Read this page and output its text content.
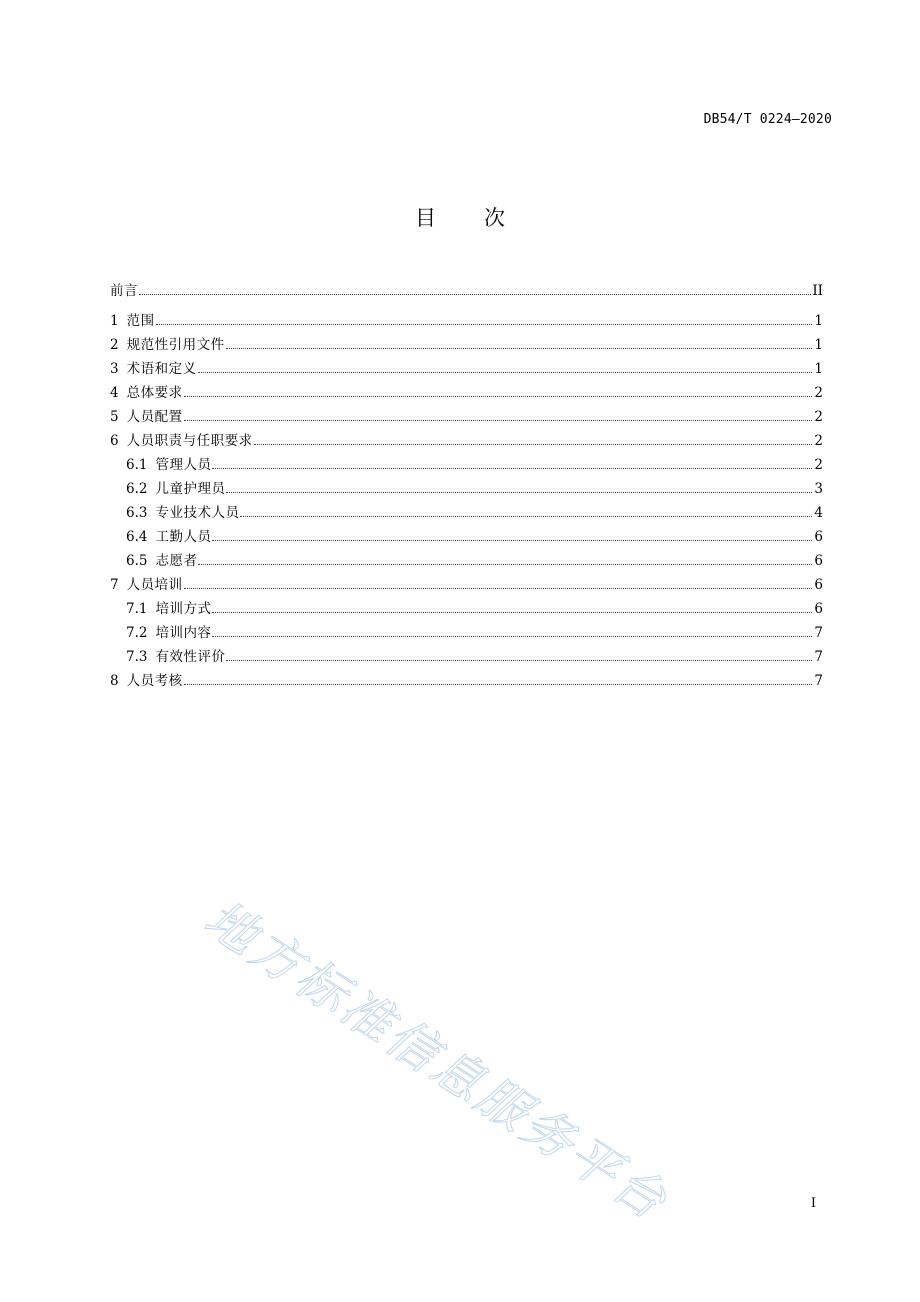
DB54/T 0224—2020
目 次
前言	II
1 范围	1
2 规范性引用文件	1
3 术语和定义	1
4 总体要求	2
5 人员配置	2
6 人员职责与任职要求	2
6.1 管理人员	2
6.2 儿童护理员	3
6.3 专业技术人员	4
6.4 工勤人员	6
6.5 志愿者	6
7 人员培训	6
7.1 培训方式	6
7.2 培训内容	7
7.3 有效性评价	7
8 人员考核	7
地方标准信息服务平台	I
